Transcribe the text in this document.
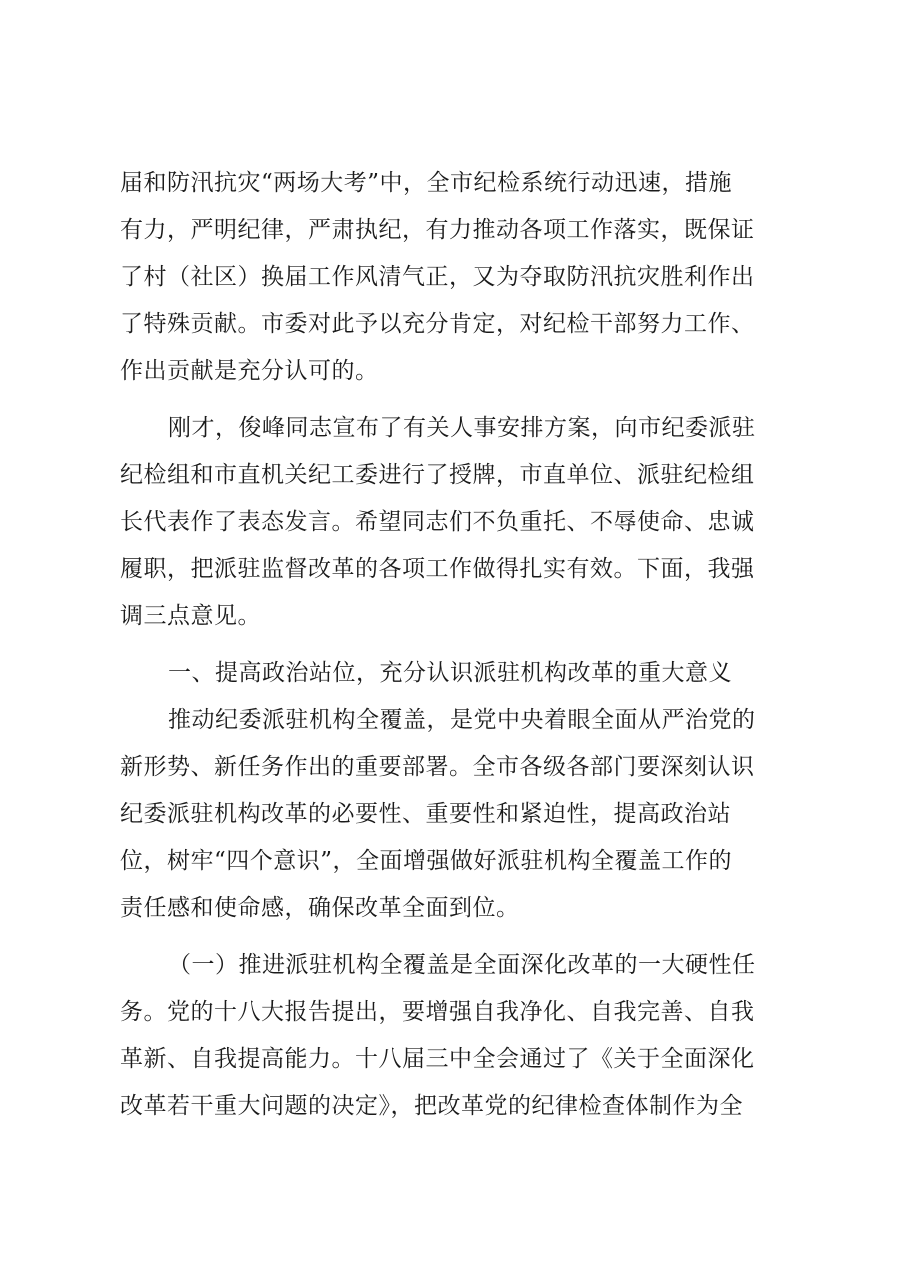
届和防汛抗灾“两场大考”中，全市纪检系统行动迅速，措施
有力，严明纪律，严肃执纪，有力推动各项工作落实，既保证
了村（社区）换届工作风清气正，又为夺取防汛抗灾胜利作出
了特殊贡献。市委对此予以充分肯定，对纪检干部努力工作、
作出贡献是充分认可的。
刚才，俊峰同志宣布了有关人事安排方案，向市纪委派驻
纪检组和市直机关纪工委进行了授牌，市直单位、派驻纪检组
长代表作了表态发言。希望同志们不负重托、不辱使命、忠诚
履职，把派驻监督改革的各项工作做得扎实有效。下面，我强
调三点意见。
一、提高政治站位，充分认识派驻机构改革的重大意义
推动纪委派驻机构全覆盖，是党中央着眼全面从严治党的
新形势、新任务作出的重要部署。全市各级各部门要深刻认识
纪委派驻机构改革的必要性、重要性和紧迫性，提高政治站
位，树牢“四个意识”，全面增强做好派驻机构全覆盖工作的
责任感和使命感，确保改革全面到位。
（一）推进派驻机构全覆盖是全面深化改革的一大硬性任
务。党的十八大报告提出，要增强自我净化、自我完善、自我
革新、自我提高能力。十八届三中全会通过了《关于全面深化
改革若干重大问题的决定》，把改革党的纪律检查体制作为全
